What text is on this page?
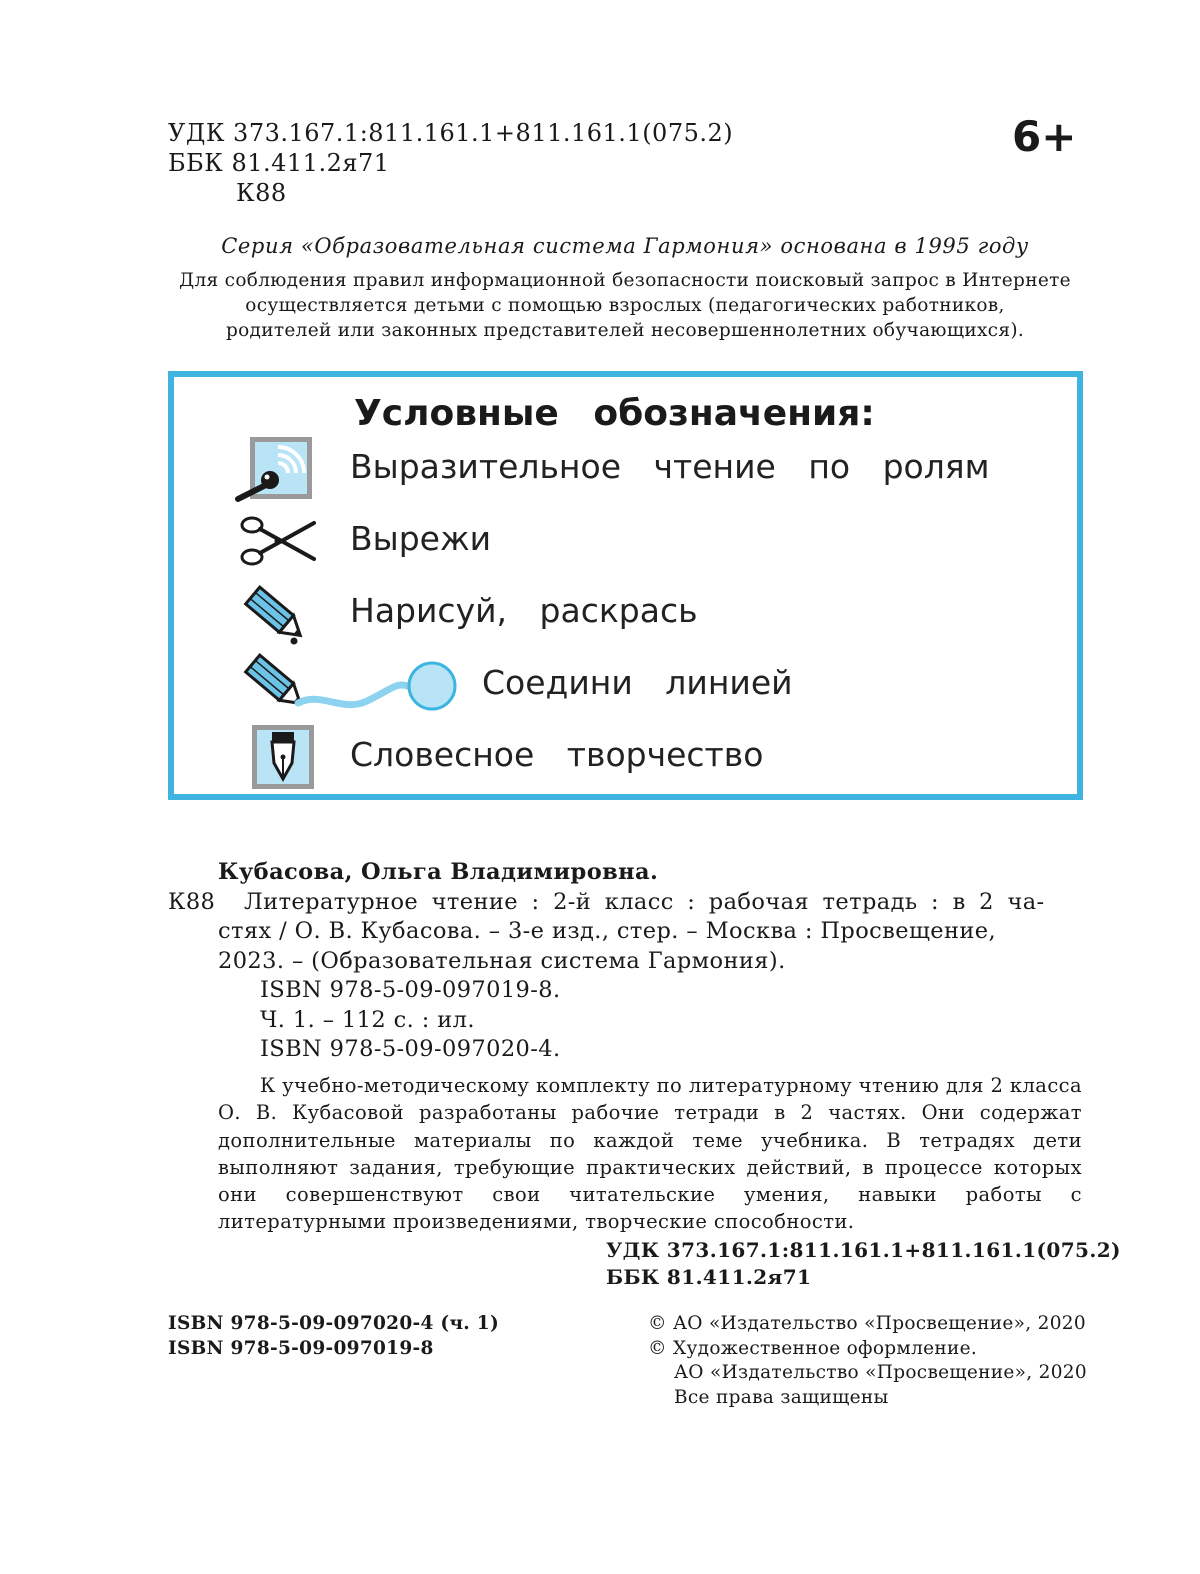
УДК 373.167.1:811.161.1+811.161.1(075.2)
ББК 81.411.2я71
К88
6+
Серия «Образовательная система Гармония» основана в 1995 году
Для соблюдения правил информационной безопасности поисковый запрос в Интернете
осуществляется детьми с помощью взрослых (педагогических работников,
родителей или законных представителей несовершеннолетних обучающихся).
Условные обозначения:
Выразительное чтение по ролям
Вырежи
Нарисуй, раскрась
Соедини линией
Словесное творчество
Кубасова, Ольга Владимировна.
К88	Литературное чтение : 2-й класс : рабочая тетрадь : в 2 ча-
стях / О. В. Кубасова. – 3-е изд., стер. – Москва : Просвещение,
2023. – (Образовательная система Гармония).
ISBN 978-5-09-097019-8.
Ч. 1. – 112 с. : ил.
ISBN 978-5-09-097020-4.
К учебно-методическому комплекту по литературному чтению для 2 класса О. В. Кубасовой разработаны рабочие тетради в 2 частях. Они содержат дополнительные материалы по каждой теме учебника. В тетрадях дети выполняют задания, требующие практических действий, в процессе которых они совершенствуют свои читательские умения, навыки работы с литературными произведениями, творческие способности.
УДК 373.167.1:811.161.1+811.161.1(075.2)
ББК 81.411.2я71
ISBN 978-5-09-097020-4 (ч. 1)
ISBN 978-5-09-097019-8
© АО «Издательство «Просвещение», 2020
© Художественное оформление.
АО «Издательство «Просвещение», 2020
Все права защищены
